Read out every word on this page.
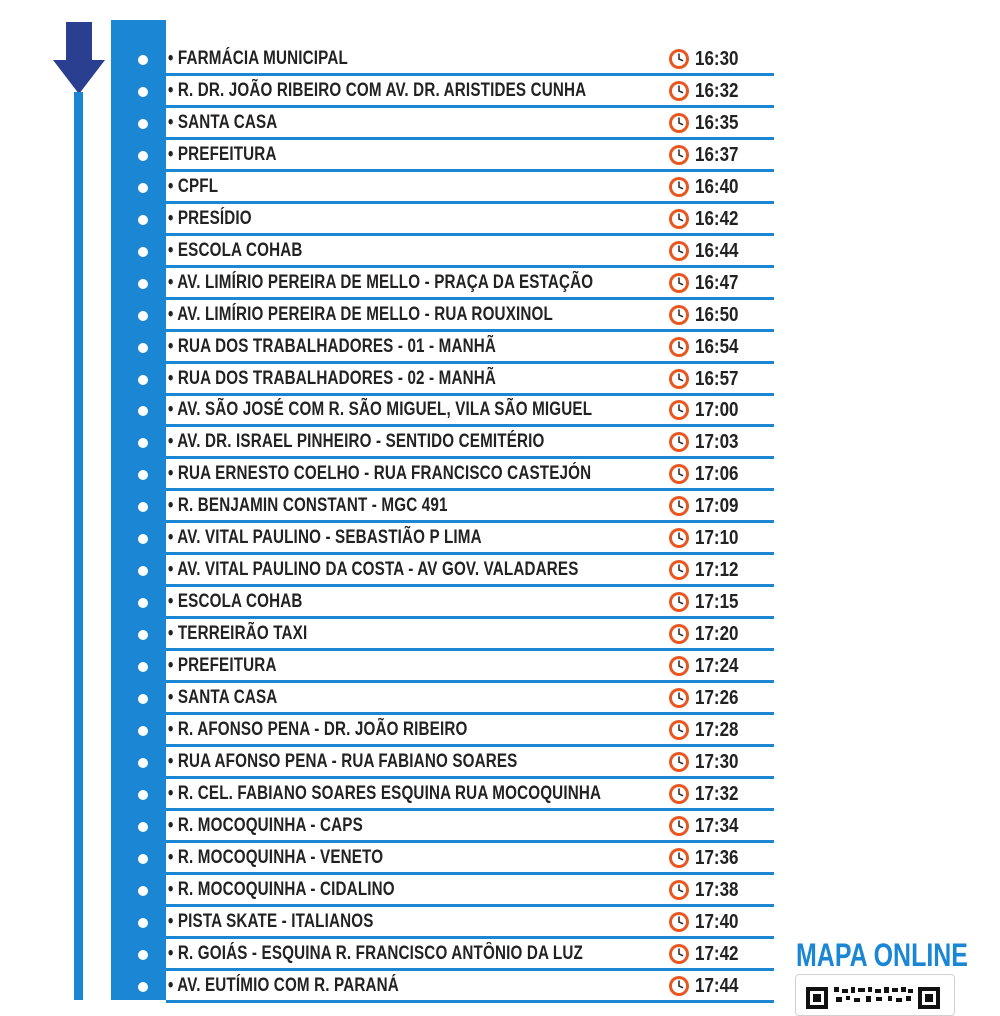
• FARMÁCIA MUNICIPAL	16:30
• R. DR. JOÃO RIBEIRO COM AV. DR. ARISTIDES CUNHA	16:32
• SANTA CASA	16:35
• PREFEITURA	16:37
• CPFL	16:40
• PRESÍDIO	16:42
• ESCOLA COHAB	16:44
• AV. LIMÍRIO PEREIRA DE MELLO - PRAÇA DA ESTAÇÃO	16:47
• AV. LIMÍRIO PEREIRA DE MELLO - RUA ROUXINOL	16:50
• RUA DOS TRABALHADORES - 01 - MANHÃ	16:54
• RUA DOS TRABALHADORES - 02 - MANHÃ	16:57
• AV. SÃO JOSÉ COM R. SÃO MIGUEL, VILA SÃO MIGUEL	17:00
• AV. DR. ISRAEL PINHEIRO - SENTIDO CEMITÉRIO	17:03
• RUA ERNESTO COELHO - RUA FRANCISCO CASTEJÓN	17:06
• R. BENJAMIN CONSTANT - MGC 491	17:09
• AV. VITAL PAULINO - SEBASTIÃO P LIMA	17:10
• AV. VITAL PAULINO DA COSTA - AV GOV. VALADARES	17:12
• ESCOLA COHAB	17:15
• TERREIRÃO TAXI	17:20
• PREFEITURA	17:24
• SANTA CASA	17:26
• R. AFONSO PENA - DR. JOÃO RIBEIRO	17:28
• RUA AFONSO PENA - RUA FABIANO SOARES	17:30
• R. CEL. FABIANO SOARES ESQUINA RUA MOCOQUINHA	17:32
• R. MOCOQUINHA - CAPS	17:34
• R. MOCOQUINHA - VENETO	17:36
• R. MOCOQUINHA - CIDALINO	17:38
• PISTA SKATE - ITALIANOS	17:40
• R. GOIÁS - ESQUINA R. FRANCISCO ANTÔNIO DA LUZ	17:42
• AV. EUTÍMIO COM R. PARANÁ	17:44
MAPA ONLINE
